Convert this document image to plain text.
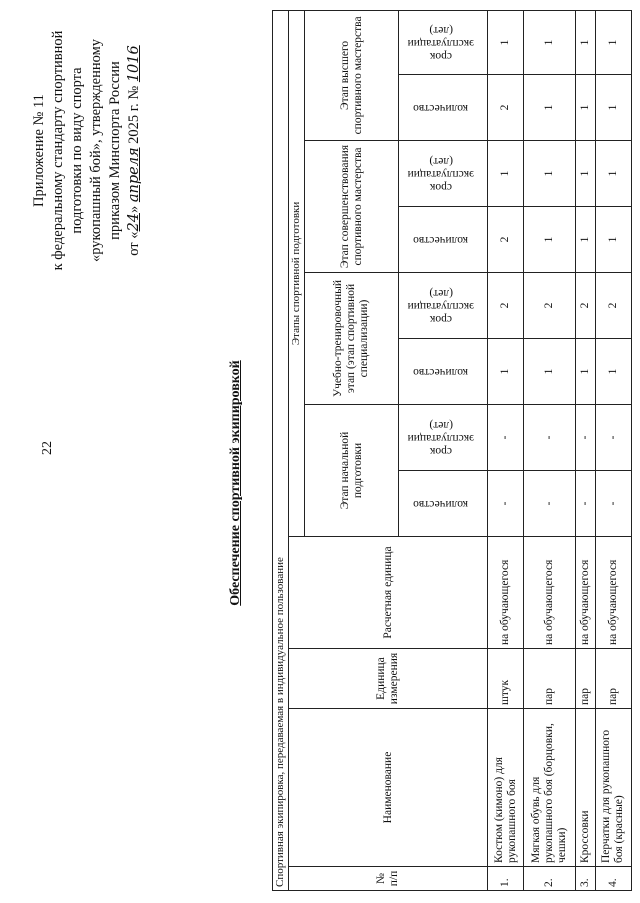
22
Приложение № 11 к федеральному стандарту спортивной подготовки по виду спорта «рукопашный бой», утвержденному приказом Минспорта России
от «24» апреля 2025 г. № 1016
Обеспечение спортивной экипировкой
Спортивная экипировка, передаваемая в индивидуальное пользование											
№ п/п	Наименование	Единица измерения	Расчетная единица	Этапы спортивной подготовки							
				Этап начальной подготовки		Учебно-тренировочный этап (этап спортивной специализации)		Этап совершенствования спортивного мастерства		Этап высшего спортивного мастерства	
				количество	срок эксплуатации (лет)	количество	срок эксплуатации (лет)	количество	срок эксплуатации (лет)	количество	срок эксплуатации (лет)
1.	Костюм (кимоно) для рукопашного боя	штук	на обучающегося	-	-	1	2	2	1	2	1
2.	Мягкая обувь для рукопашного боя (борцовки, чешки)	пар	на обучающегося	-	-	1	2	1	1	1	1
3.	Кроссовки	пар	на обучающегося	-	-	1	2	1	1	1	1
4.	Перчатки для рукопашного боя (красные)	пар	на обучающегося	-	-	1	2	1	1	1	1
